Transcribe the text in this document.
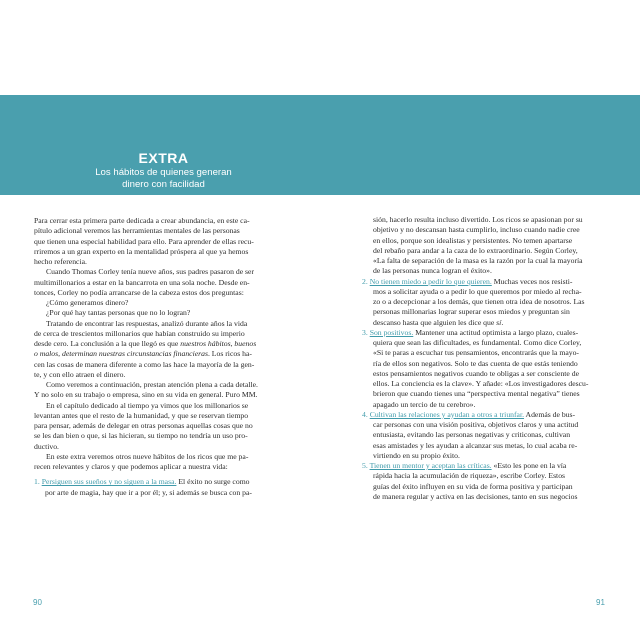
EXTRA
Los hábitos de quienes generan
dinero con facilidad
Para cerrar esta primera parte dedicada a crear abundancia, en este ca-
pítulo adicional veremos las herramientas mentales de las personas
que tienen una especial habilidad para ello. Para aprender de ellas recu-
rriremos a un gran experto en la mentalidad próspera al que ya hemos
hecho referencia.
Cuando Thomas Corley tenía nueve años, sus padres pasaron de ser
multimillonarios a estar en la bancarrota en una sola noche. Desde en-
tonces, Corley no podía arrancarse de la cabeza estos dos preguntas:
¿Cómo generamos dinero?
¿Por qué hay tantas personas que no lo logran?
Tratando de encontrar las respuestas, analizó durante años la vida
de cerca de trescientos millonarios que habían construido su imperio
desde cero. La conclusión a la que llegó es que nuestros hábitos, buenos
o malos, determinan nuestras circunstancias financieras. Los ricos ha-
cen las cosas de manera diferente a como las hace la mayoría de la gen-
te, y con ello atraen el dinero.
Como veremos a continuación, prestan atención plena a cada detalle.
Y no solo en su trabajo o empresa, sino en su vida en general. Puro MM.
En el capítulo dedicado al tiempo ya vimos que los millonarios se
levantan antes que el resto de la humanidad, y que se reservan tiempo
para pensar, además de delegar en otras personas aquellas cosas que no
se les dan bien o que, si las hicieran, su tiempo no tendría un uso pro-
ductivo.
En este extra veremos otros nueve hábitos de los ricos que me pa-
recen relevantes y claros y que podemos aplicar a nuestra vida:
1. Persiguen sus sueños y no siguen a la masa. El éxito no surge como
por arte de magia, hay que ir a por él; y, si además se busca con pa-
sión, hacerlo resulta incluso divertido. Los ricos se apasionan por su
objetivo y no descansan hasta cumplirlo, incluso cuando nadie cree
en ellos, porque son idealistas y persistentes. No temen apartarse
del rebaño para andar a la caza de lo extraordinario. Según Corley,
«La falta de separación de la masa es la razón por la cual la mayoría
de las personas nunca logran el éxito».
2. No tienen miedo a pedir lo que quieren. Muchas veces nos resisti-
mos a solicitar ayuda o a pedir lo que queremos por miedo al recha-
zo o a decepcionar a los demás, que tienen otra idea de nosotros. Las
personas millonarias lograr superar esos miedos y preguntan sin
descanso hasta que alguien les dice que sí.
3. Son positivos. Mantener una actitud optimista a largo plazo, cuales-
quiera que sean las dificultades, es fundamental. Como dice Corley,
«Si te paras a escuchar tus pensamientos, encontrarás que la mayo-
ría de ellos son negativos. Solo te das cuenta de que estás teniendo
estos pensamientos negativos cuando te obligas a ser consciente de
ellos. La conciencia es la clave». Y añade: «Los investigadores descu-
brieron que cuando tienes una “perspectiva mental negativa” tienes
apagado un tercio de tu cerebro».
4. Cultivan las relaciones y ayudan a otros a triunfar. Además de bus-
car personas con una visión positiva, objetivos claros y una actitud
entusiasta, evitando las personas negativas y criticonas, cultivan
esas amistades y les ayudan a alcanzar sus metas, lo cual acaba re-
virtiendo en su propio éxito.
5. Tienen un mentor y aceptan las críticas. «Esto les pone en la vía
rápida hacia la acumulación de riqueza», escribe Corley. Estos
guías del éxito influyen en su vida de forma positiva y participan
de manera regular y activa en las decisiones, tanto en sus negocios
90	91
